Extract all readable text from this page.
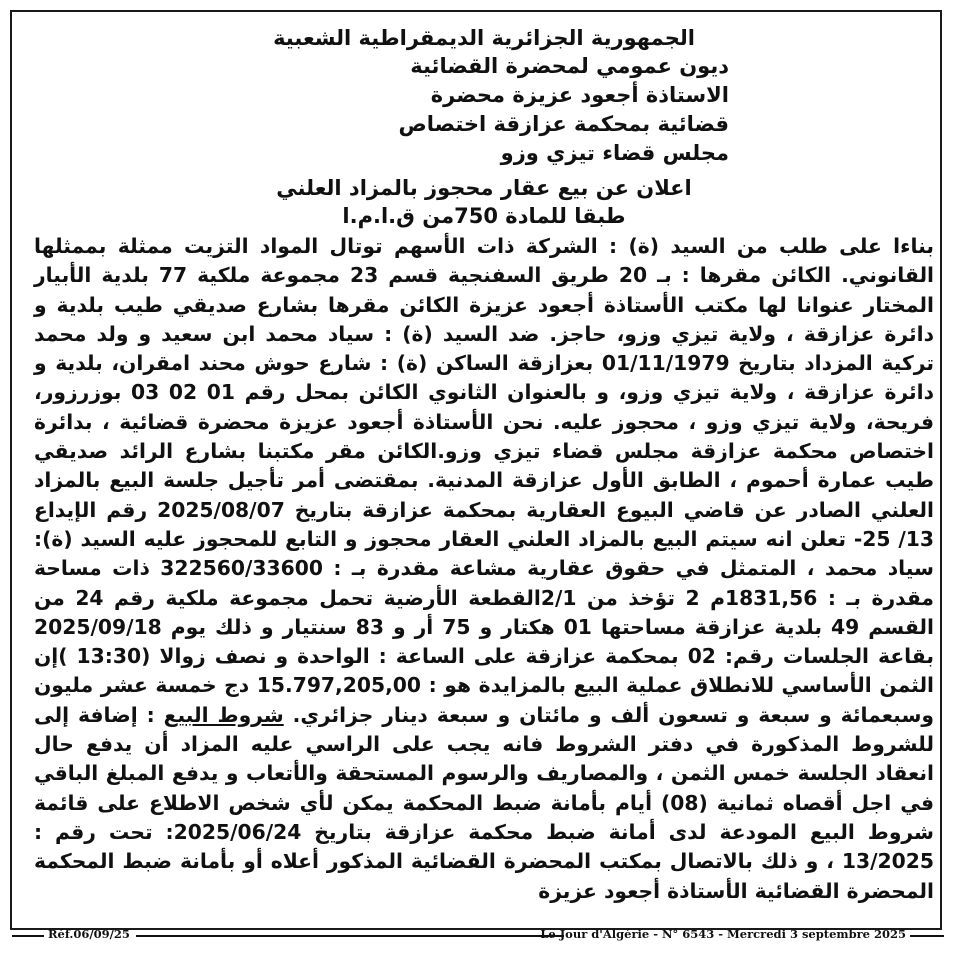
الجمهورية الجزائرية الديمقراطية الشعبية

ديون عمومي لمحضرة القضائية

الاستاذة أجعود عزيزة محضرة

قضائية بمحكمة عزازقة اختصاص

مجلس قضاء تيزي وزو

اعلان عن بيع عقار محجوز بالمزاد العلني

طبقا للمادة 750من ق.ا.م.ا

بناءا على طلب من السيد (ة) : الشركة ذات الأسهم توتال المواد التزيت ممثلة بممثلها القانوني. الكائن مقرها : بـ 20 طريق السفنجية قسم 23 مجموعة ملكية 77 بلدية الأبيار المختار عنوانا لها مكتب الأستاذة أجعود عزيزة الكائن مقرها بشارع صديقي طيب بلدية و دائرة عزازقة ، ولاية تيزي وزو، حاجز. ضد السيد (ة) : سياد محمد ابن سعيد و ولد محمد تركية المزداد بتاريخ 01/11/1979 بعزازقة الساكن (ة) : شارع حوش محند امقران، بلدية و دائرة عزازقة ، ولاية تيزي وزو، و بالعنوان الثانوي الكائن بمحل رقم 01 02 03 بوزرزور، فريحة، ولاية تيزي وزو ، محجوز عليه. نحن الأستاذة أجعود عزيزة محضرة قضائية ، بدائرة اختصاص محكمة عزازقة مجلس قضاء تيزي وزو.الكائن مقر مكتبنا بشارع الرائد صديقي طيب عمارة أحموم ، الطابق الأول عزازقة المدنية. بمقتضى أمر تأجيل جلسة البيع بالمزاد العلني الصادر عن قاضي البيوع العقارية بمحكمة عزازقة بتاريخ 2025/08/07 رقم الإيداع 13/ 25- تعلن انه سيتم البيع بالمزاد العلني العقار محجوز و التابع للمحجوز عليه السيد (ة): سياد محمد ، المتمثل في حقوق عقارية مشاعة مقدرة بـ : 322560/33600 ذات مساحة مقدرة بـ : 1831,56م 2 تؤخذ من 2/1القطعة الأرضية تحمل مجموعة ملكية رقم 24 من القسم 49 بلدية عزازقة مساحتها 01 هكتار و 75 أر و 83 سنتيار و ذلك يوم 2025/09/18 بقاعة الجلسات رقم: 02 بمحكمة عزازقة على الساعة : الواحدة و نصف زوالا (13:30 )إن الثمن الأساسي للانطلاق عملية البيع بالمزايدة هو : 15.797,205,00 دج خمسة عشر مليون وسبعمائة و سبعة و تسعون ألف و مائتان و سبعة دينار جزائري. شروط البيع : إضافة إلى للشروط المذكورة في دفتر الشروط فانه يجب على الراسي عليه المزاد أن يدفع حال انعقاد الجلسة خمس الثمن ، والمصاريف والرسوم المستحقة والأتعاب و يدفع المبلغ الباقي في اجل أقصاه ثمانية (08) أيام بأمانة ضبط المحكمة يمكن لأي شخص الاطلاع على قائمة شروط البيع المودعة لدى أمانة ضبط محكمة عزازقة بتاريخ 2025/06/24: تحت رقم : 13/2025 ، و ذلك بالاتصال بمكتب المحضرة القضائية المذكور أعلاه أو بأمانة ضبط المحكمة المحضرة القضائية الأستاذة أجعود عزيزة

Réf.06/09/25	Le Jour d'Algérie - N° 6543 - Mercredi 3 septembre 2025
